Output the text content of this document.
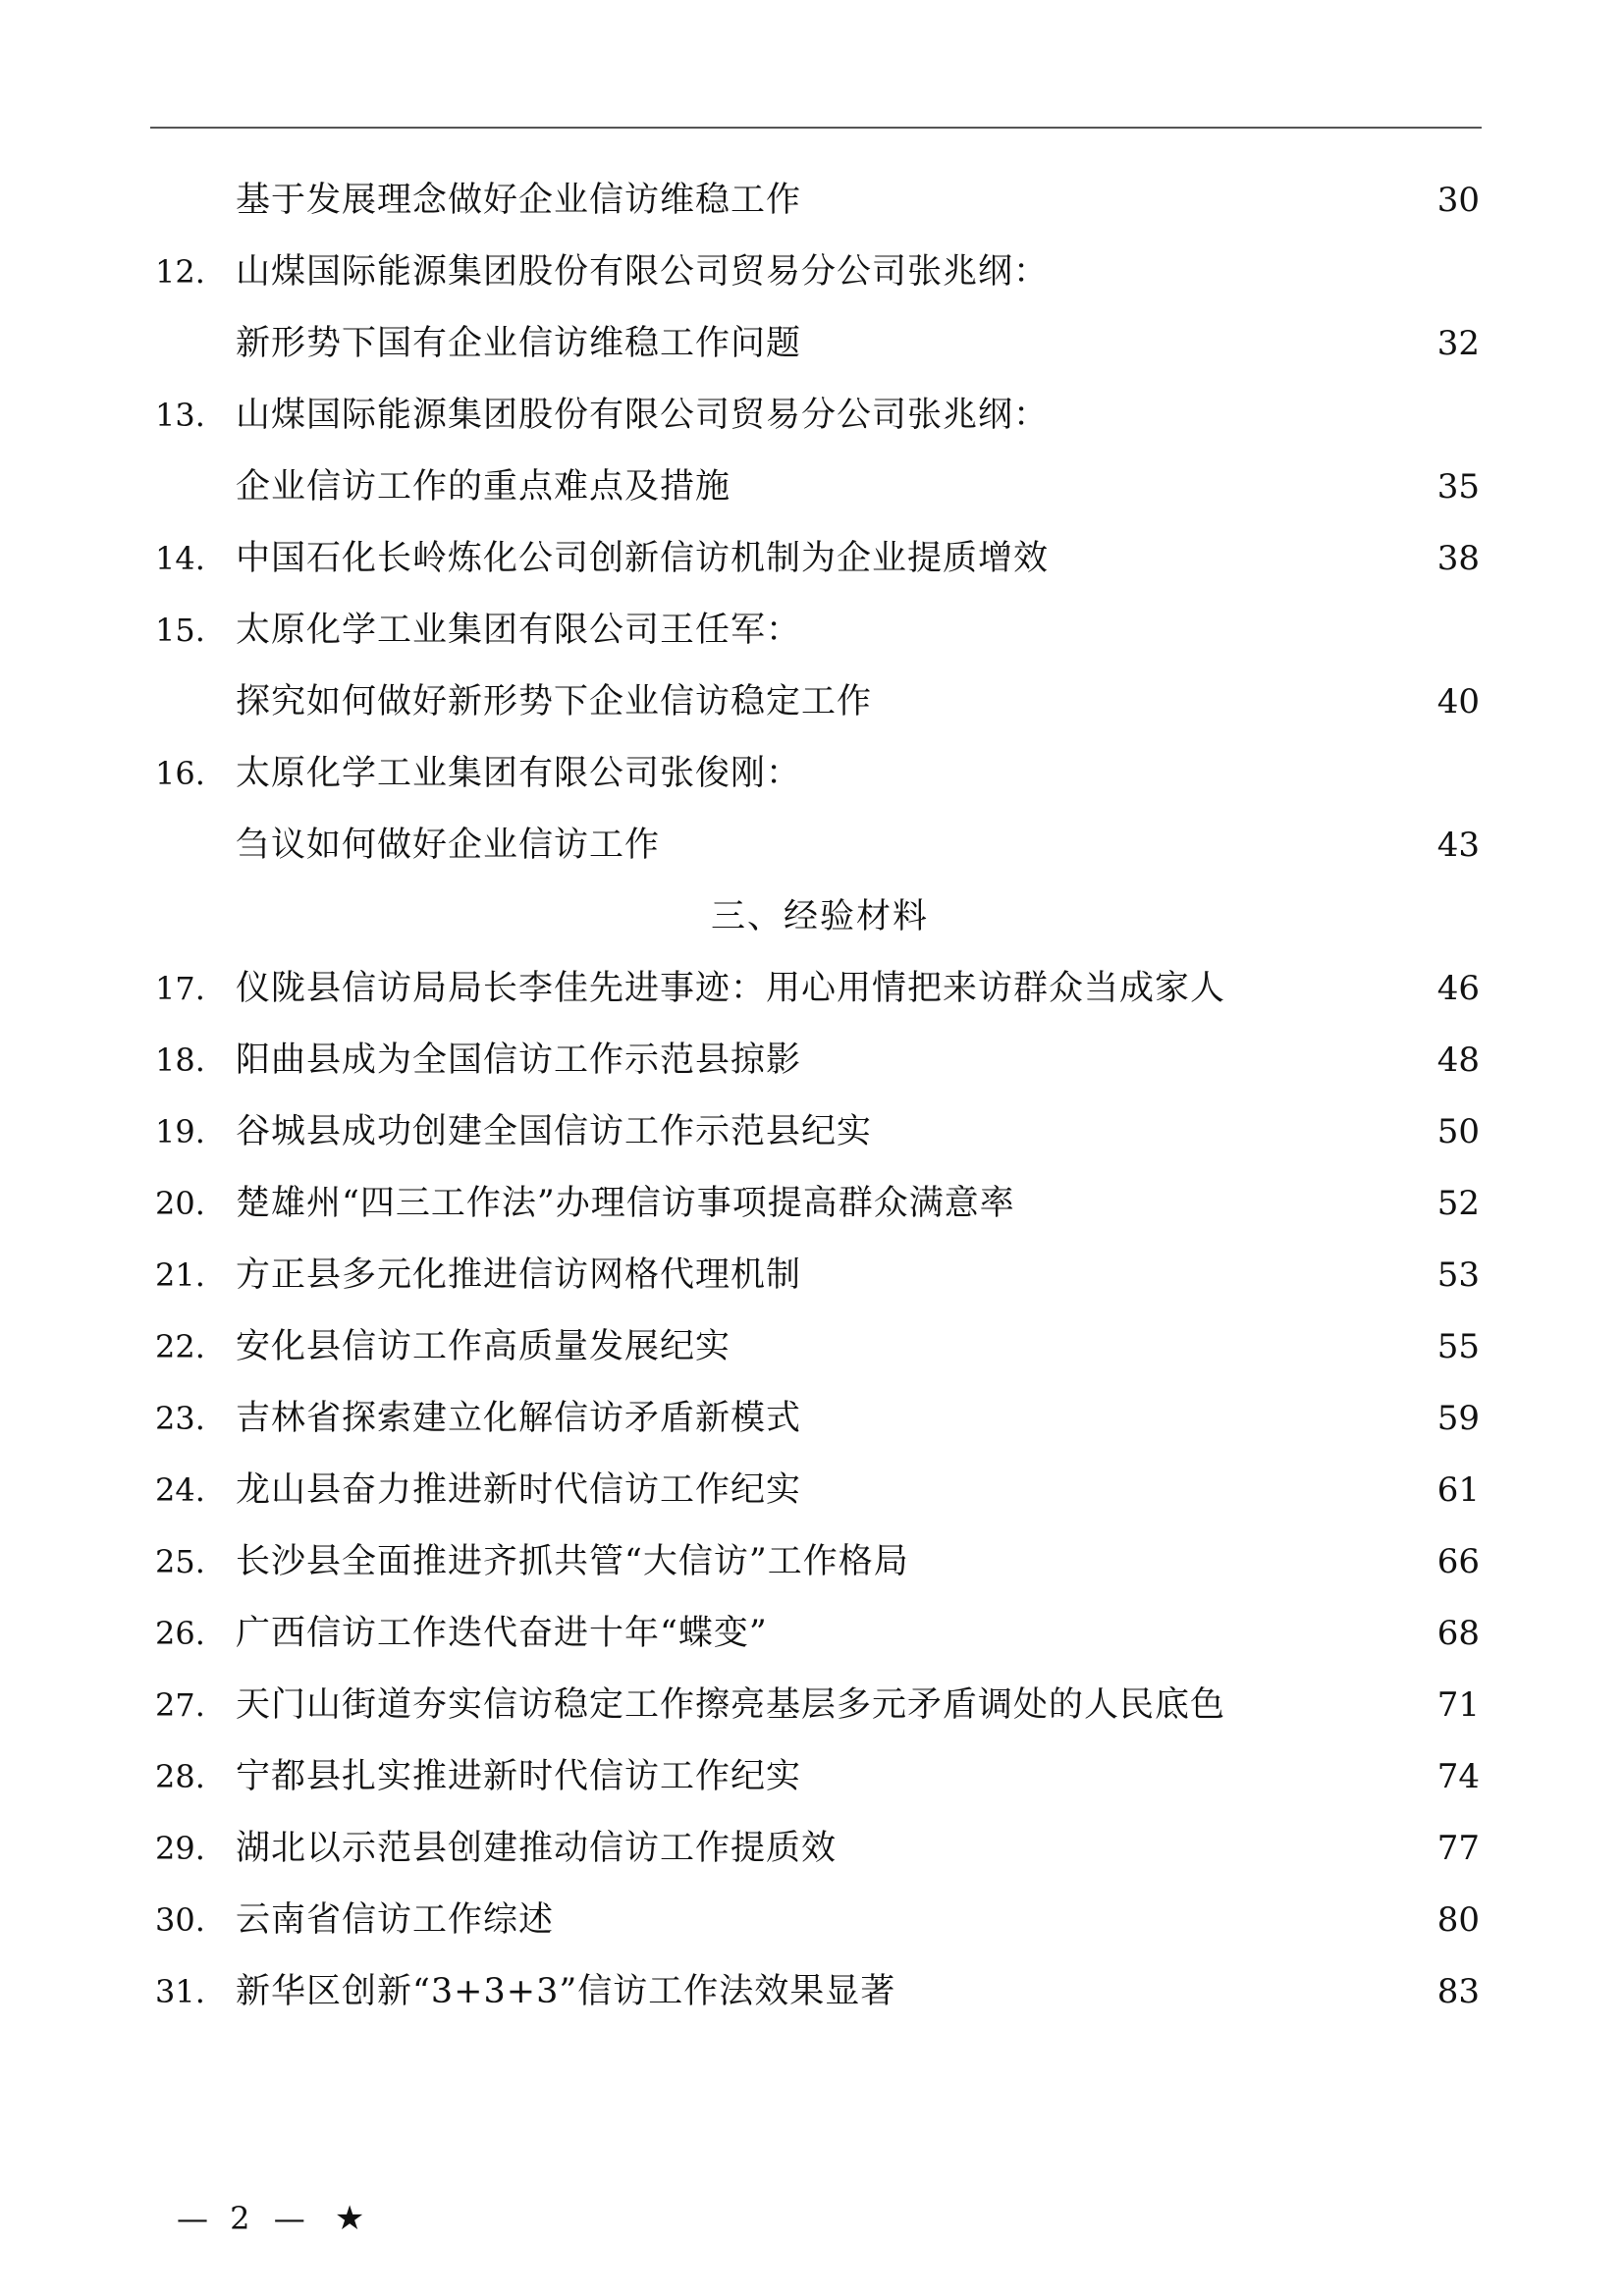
基于发展理念做好企业信访维稳工作	30
12. 山煤国际能源集团股份有限公司贸易分公司张兆纲：
新形势下国有企业信访维稳工作问题	32
13. 山煤国际能源集团股份有限公司贸易分公司张兆纲：
企业信访工作的重点难点及措施	35
14. 中国石化长岭炼化公司创新信访机制为企业提质增效	38
15. 太原化学工业集团有限公司王任军：
探究如何做好新形势下企业信访稳定工作	40
16. 太原化学工业集团有限公司张俊刚：
刍议如何做好企业信访工作	43
三、经验材料
17. 仪陇县信访局局长李佳先进事迹：用心用情把来访群众当成家人	46
18. 阳曲县成为全国信访工作示范县掠影	48
19. 谷城县成功创建全国信访工作示范县纪实	50
20. 楚雄州“四三工作法”办理信访事项提高群众满意率	52
21. 方正县多元化推进信访网格代理机制	53
22. 安化县信访工作高质量发展纪实	55
23. 吉林省探索建立化解信访矛盾新模式	59
24. 龙山县奋力推进新时代信访工作纪实	61
25. 长沙县全面推进齐抓共管“大信访”工作格局	66
26. 广西信访工作迭代奋进十年“蝶变”	68
27. 天门山街道夯实信访稳定工作擦亮基层多元矛盾调处的人民底色	71
28. 宁都县扎实推进新时代信访工作纪实	74
29. 湖北以示范县创建推动信访工作提质效	77
30. 云南省信访工作综述	80
31. 新华区创新“3+3+3”信访工作法效果显著	83
— 2 — ★
